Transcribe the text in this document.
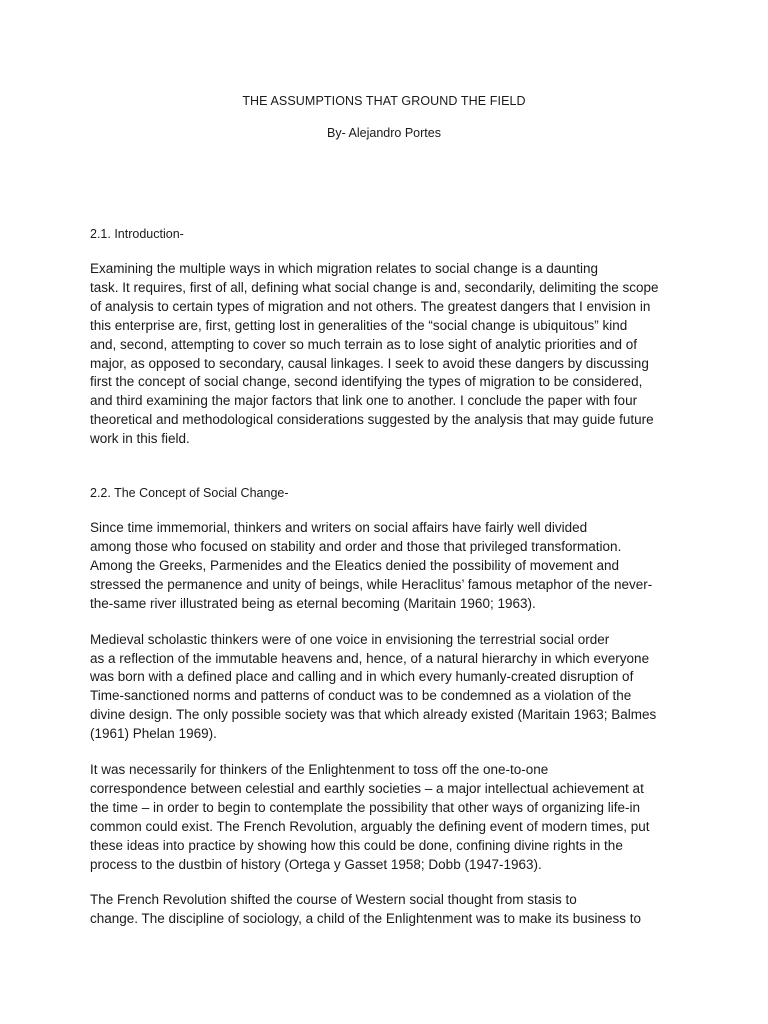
THE ASSUMPTIONS THAT GROUND THE FIELD
By- Alejandro Portes

2.1. Introduction-

Examining the multiple ways in which migration relates to social change is a daunting
task. It requires, first of all, defining what social change is and, secondarily, delimiting the scope
of analysis to certain types of migration and not others. The greatest dangers that I envision in
this enterprise are, first, getting lost in generalities of the “social change is ubiquitous” kind
and, second, attempting to cover so much terrain as to lose sight of analytic priorities and of
major, as opposed to secondary, causal linkages. I seek to avoid these dangers by discussing
first the concept of social change, second identifying the types of migration to be considered,
and third examining the major factors that link one to another. I conclude the paper with four
theoretical and methodological considerations suggested by the analysis that may guide future
work in this field.

2.2. The Concept of Social Change-

Since time immemorial, thinkers and writers on social affairs have fairly well divided
among those who focused on stability and order and those that privileged transformation.
Among the Greeks, Parmenides and the Eleatics denied the possibility of movement and
stressed the permanence and unity of beings, while Heraclitus’ famous metaphor of the never-
the-same river illustrated being as eternal becoming (Maritain 1960; 1963).

Medieval scholastic thinkers were of one voice in envisioning the terrestrial social order
as a reflection of the immutable heavens and, hence, of a natural hierarchy in which everyone
was born with a defined place and calling and in which every humanly-created disruption of
Time-sanctioned norms and patterns of conduct was to be condemned as a violation of the
divine design. The only possible society was that which already existed (Maritain 1963; Balmes
(1961) Phelan 1969).

It was necessarily for thinkers of the Enlightenment to toss off the one-to-one
correspondence between celestial and earthly societies – a major intellectual achievement at
the time – in order to begin to contemplate the possibility that other ways of organizing life-in
common could exist. The French Revolution, arguably the defining event of modern times, put
these ideas into practice by showing how this could be done, confining divine rights in the
process to the dustbin of history (Ortega y Gasset 1958; Dobb (1947-1963).

The French Revolution shifted the course of Western social thought from stasis to
change. The discipline of sociology, a child of the Enlightenment was to make its business to
